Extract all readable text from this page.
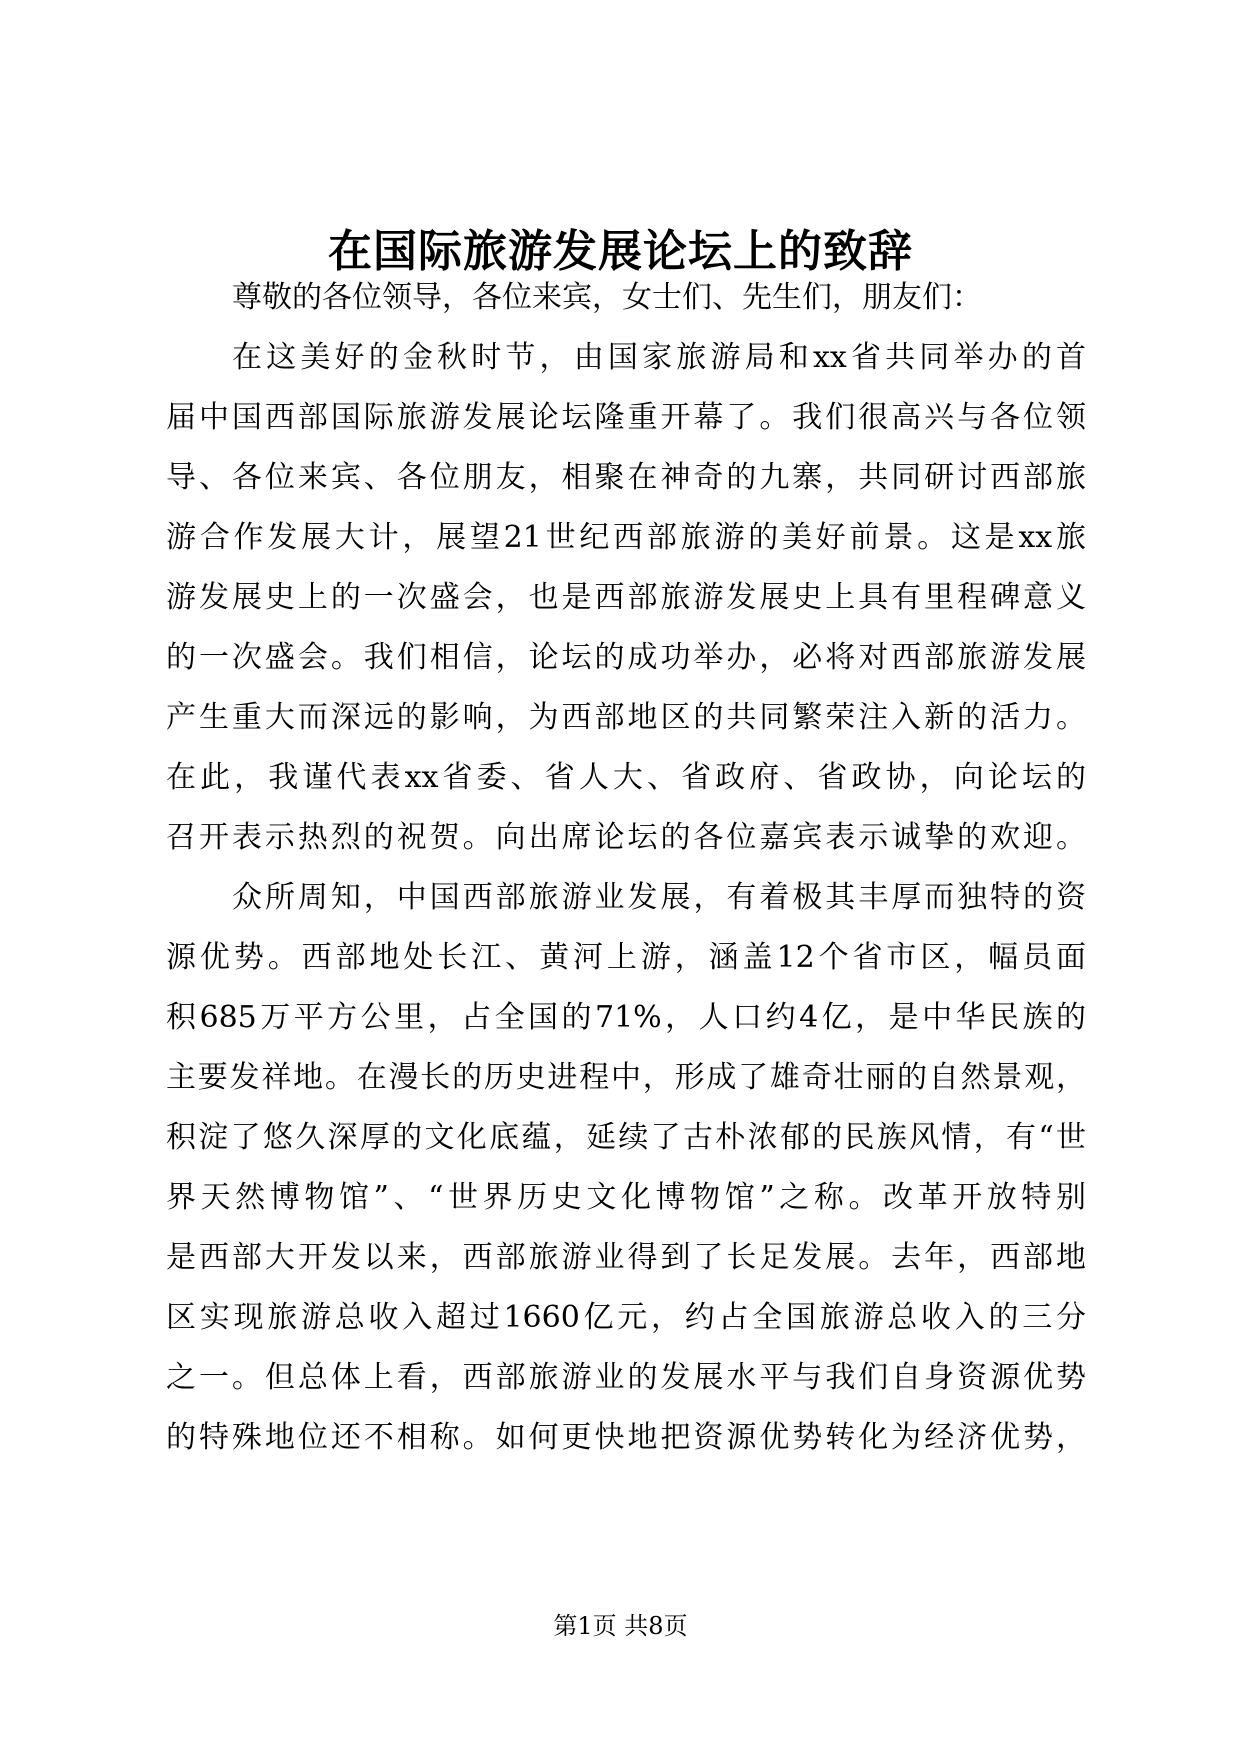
在国际旅游发展论坛上的致辞
尊敬的各位领导，各位来宾，女士们、先生们，朋友们：
在这美好的金秋时节，由国家旅游局和xx省共同举办的首
届中国西部国际旅游发展论坛隆重开幕了。我们很高兴与各位领
导、各位来宾、各位朋友，相聚在神奇的九寨，共同研讨西部旅
游合作发展大计，展望21世纪西部旅游的美好前景。这是xx旅
游发展史上的一次盛会，也是西部旅游发展史上具有里程碑意义
的一次盛会。我们相信，论坛的成功举办，必将对西部旅游发展
产生重大而深远的影响，为西部地区的共同繁荣注入新的活力。
在此，我谨代表xx省委、省人大、省政府、省政协，向论坛的
召开表示热烈的祝贺。向出席论坛的各位嘉宾表示诚挚的欢迎。
众所周知，中国西部旅游业发展，有着极其丰厚而独特的资
源优势。西部地处长江、黄河上游，涵盖12个省市区，幅员面
积685万平方公里，占全国的71%，人口约4亿，是中华民族的
主要发祥地。在漫长的历史进程中，形成了雄奇壮丽的自然景观，
积淀了悠久深厚的文化底蕴，延续了古朴浓郁的民族风情，有“世
界天然博物馆”、“世界历史文化博物馆”之称。改革开放特别
是西部大开发以来，西部旅游业得到了长足发展。去年，西部地
区实现旅游总收入超过1660亿元，约占全国旅游总收入的三分
之一。但总体上看，西部旅游业的发展水平与我们自身资源优势
的特殊地位还不相称。如何更快地把资源优势转化为经济优势，
第1页 共8页
